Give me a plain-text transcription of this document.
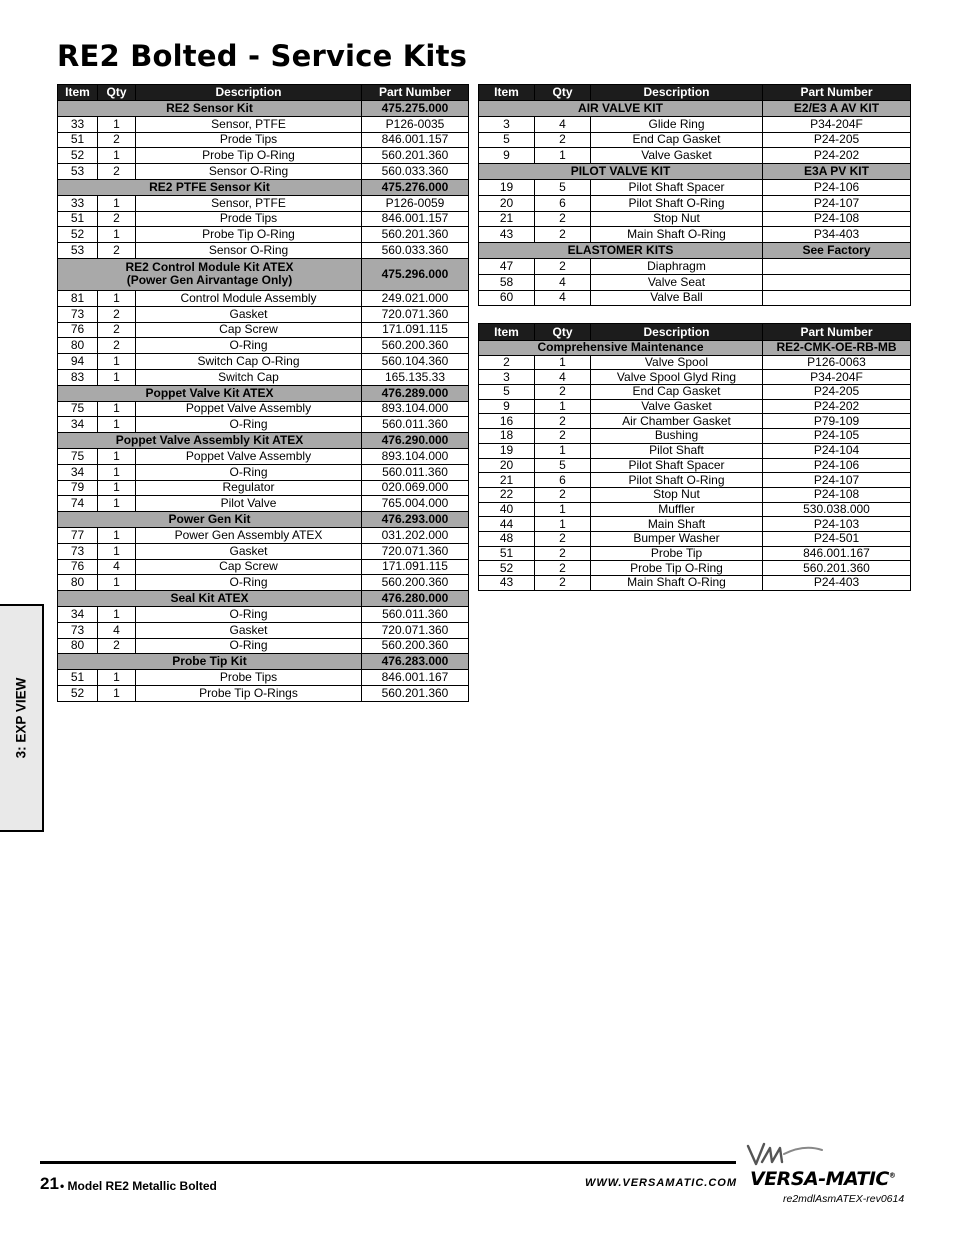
RE2 Bolted - Service Kits
Item	Qty	Description	Part Number

RE2 Sensor Kit			475.275.000
33	1	Sensor, PTFE	P126-0035
51	2	Prode Tips	846.001.157
52	1	Probe Tip O-Ring	560.201.360
53	2	Sensor O-Ring	560.033.360

RE2 PTFE Sensor Kit			475.276.000
33	1	Sensor, PTFE	P126-0059
51	2	Prode Tips	846.001.157
52	1	Probe Tip O-Ring	560.201.360
53	2	Sensor O-Ring	560.033.360

RE2 Control Module Kit ATEX
(Power Gen Airvantage Only)			475.296.000
81	1	Control Module Assembly	249.021.000
73	2	Gasket	720.071.360
76	2	Cap Screw	171.091.115
80	2	O-Ring	560.200.360
94	1	Switch Cap O-Ring	560.104.360
83	1	Switch Cap	165.135.33

Poppet Valve Kit ATEX			476.289.000
75	1	Poppet Valve Assembly	893.104.000
34	1	O-Ring	560.011.360

Poppet Valve Assembly Kit ATEX			476.290.000
75	1	Poppet Valve Assembly	893.104.000
34	1	O-Ring	560.011.360
79	1	Regulator	020.069.000
74	1	Pilot Valve	765.004.000

Power Gen Kit			476.293.000
77	1	Power Gen Assembly ATEX	031.202.000
73	1	Gasket	720.071.360
76	4	Cap Screw	171.091.115
80	1	O-Ring	560.200.360

Seal Kit ATEX			476.280.000
34	1	O-Ring	560.011.360
73	4	Gasket	720.071.360
80	2	O-Ring	560.200.360

Probe Tip Kit			476.283.000
51	1	Probe Tips	846.001.167
52	1	Probe Tip O-Rings	560.201.360
Item	Qty	Description	Part Number

AIR VALVE KIT			E2/E3 A AV KIT
3	4	Glide Ring	P34-204F
5	2	End Cap Gasket	P24-205
9	1	Valve Gasket	P24-202

PILOT VALVE KIT			E3A PV KIT
19	5	Pilot Shaft Spacer	P24-106
20	6	Pilot Shaft O-Ring	P24-107
21	2	Stop Nut	P24-108
43	2	Main Shaft O-Ring	P34-403

ELASTOMER KITS			See Factory
47	2	Diaphragm	
58	4	Valve Seat	
60	4	Valve Ball	
Item	Qty	Description	Part Number

Comprehensive Maintenance			RE2-CMK-OE-RB-MB
2	1	Valve Spool	P126-0063
3	4	Valve Spool Glyd Ring	P34-204F
5	2	End Cap Gasket	P24-205
9	1	Valve Gasket	P24-202
16	2	Air Chamber Gasket	P79-109
18	2	Bushing	P24-105
19	1	Pilot Shaft	P24-104
20	5	Pilot Shaft Spacer	P24-106
21	6	Pilot Shaft O-Ring	P24-107
22	2	Stop Nut	P24-108
40	1	Muffler	530.038.000
44	1	Main Shaft	P24-103
48	2	Bumper Washer	P24-501
51	2	Probe Tip	846.001.167
52	2	Probe Tip O-Ring	560.201.360
43	2	Main Shaft O-Ring	P24-403
3: EXP VIEW
21 • Model RE2 Metallic Bolted	WWW.VERSAMATIC.COM VERSA-MATIC®
re2mdlAsmATEX-rev0614
